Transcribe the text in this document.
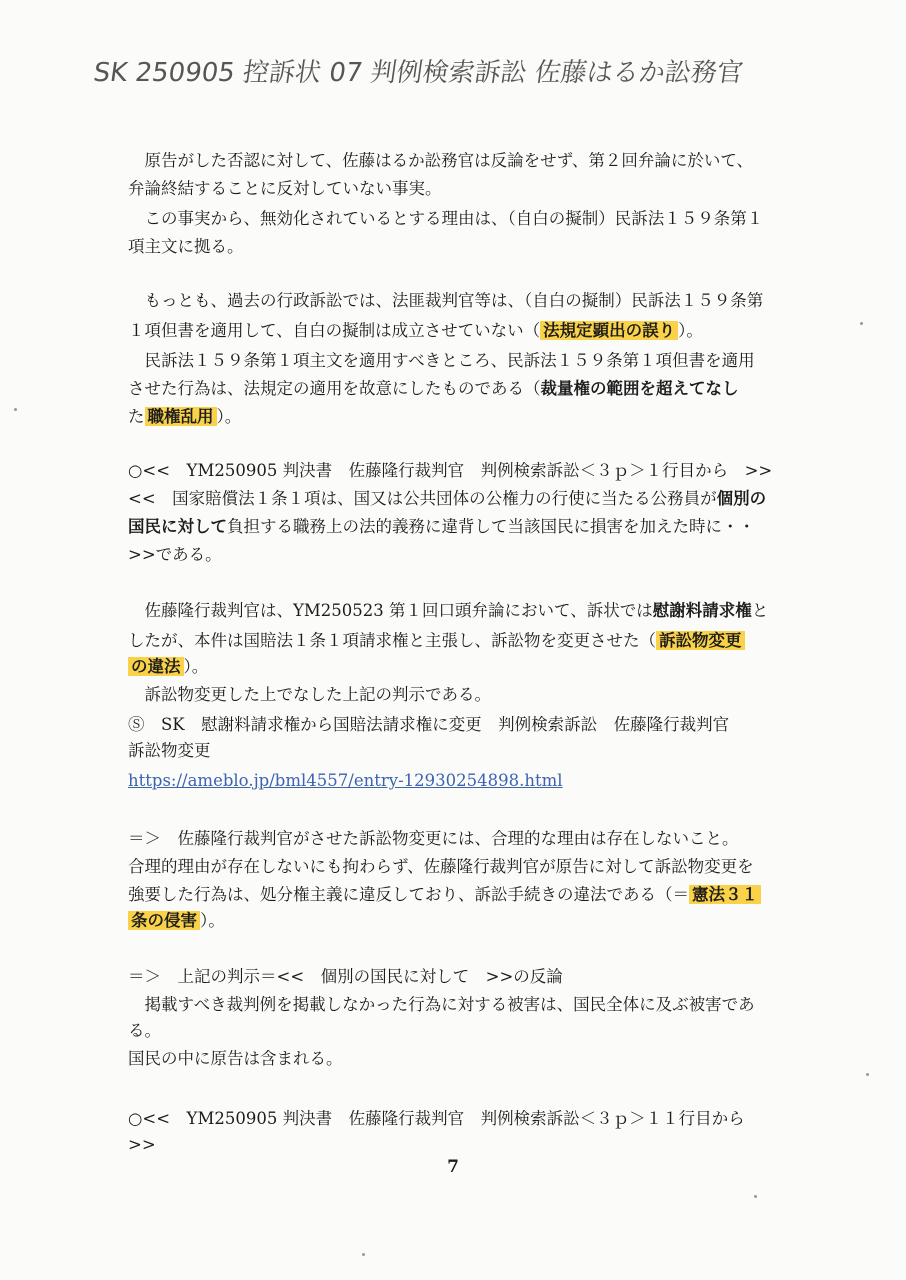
SK 250905 控訴状 07 判例検索訴訟 佐藤はるか訟務官
　原告がした否認に対して、佐藤はるか訟務官は反論をせず、第２回弁論に於いて、
弁論終結することに反対していない事実。
　この事実から、無効化されているとする理由は、（自白の擬制）民訴法１５９条第１
項主文に拠る。
　もっとも、過去の行政訴訟では、法匪裁判官等は、（自白の擬制）民訴法１５９条第
１項但書を適用して、自白の擬制は成立させていない（ 法規定顕出の誤り ）。
　民訴法１５９条第１項主文を適用すべきところ、民訴法１５９条第１項但書を適用
させた行為は、法規定の適用を故意にしたものである（裁量権の範囲を超えてなし
た 職権乱用 ）。
○<<　YM250905 判決書　佐藤隆行裁判官　判例検索訴訟＜３ｐ＞１行目から　>>
<<　国家賠償法１条１項は、国又は公共団体の公権力の行使に当たる公務員が個別の
国民に対して負担する職務上の法的義務に違背して当該国民に損害を加えた時に・・
>>である。
　佐藤隆行裁判官は、YM250523 第１回口頭弁論において、訴状では慰謝料請求権と
したが、本件は国賠法１条１項請求権と主張し、訴訟物を変更させた（ 訴訟物変更
の違法 ）。
　訴訟物変更した上でなした上記の判示である。
Ⓢ　SK　慰謝料請求権から国賠法請求権に変更　判例検索訴訟　佐藤隆行裁判官
訴訟物変更
https://ameblo.jp/bml4557/entry-12930254898.html
＝＞　佐藤隆行裁判官がさせた訴訟物変更には、合理的な理由は存在しないこと。
合理的理由が存在しないにも拘わらず、佐藤隆行裁判官が原告に対して訴訟物変更を
強要した行為は、処分権主義に違反しており、訴訟手続きの違法である（＝ 憲法３１
条の侵害 ）。
＝＞　上記の判示＝<<　個別の国民に対して　>>の反論
　掲載すべき裁判例を掲載しなかった行為に対する被害は、国民全体に及ぶ被害であ
る。
国民の中に原告は含まれる。
○<<　YM250905 判決書　佐藤隆行裁判官　判例検索訴訟＜３ｐ＞１１行目から
>>
7
